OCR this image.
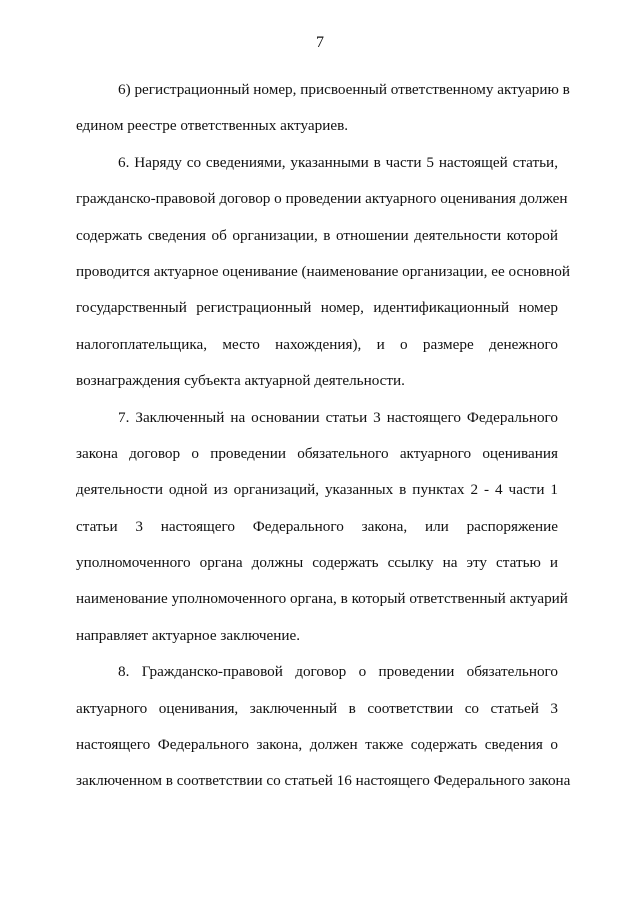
7
6) регистрационный номер, присвоенный ответственному актуарию в
едином реестре ответственных актуариев.
6. Наряду со сведениями, указанными в части 5 настоящей статьи,
гражданско-правовой договор о проведении актуарного оценивания должен
содержать сведения об организации, в отношении деятельности которой
проводится актуарное оценивание (наименование организации, ее основной
государственный регистрационный номер, идентификационный номер
налогоплательщика, место нахождения), и о размере денежного
вознаграждения субъекта актуарной деятельности.
7. Заключенный на основании статьи 3 настоящего Федерального
закона договор о проведении обязательного актуарного оценивания
деятельности одной из организаций, указанных в пунктах 2 - 4 части 1
статьи 3 настоящего Федерального закона, или распоряжение
уполномоченного органа должны содержать ссылку на эту статью и
наименование уполномоченного органа, в который ответственный актуарий
направляет актуарное заключение.
8. Гражданско-правовой договор о проведении обязательного
актуарного оценивания, заключенный в соответствии со статьей 3
настоящего Федерального закона, должен также содержать сведения о
заключенном в соответствии со статьей 16 настоящего Федерального закона
